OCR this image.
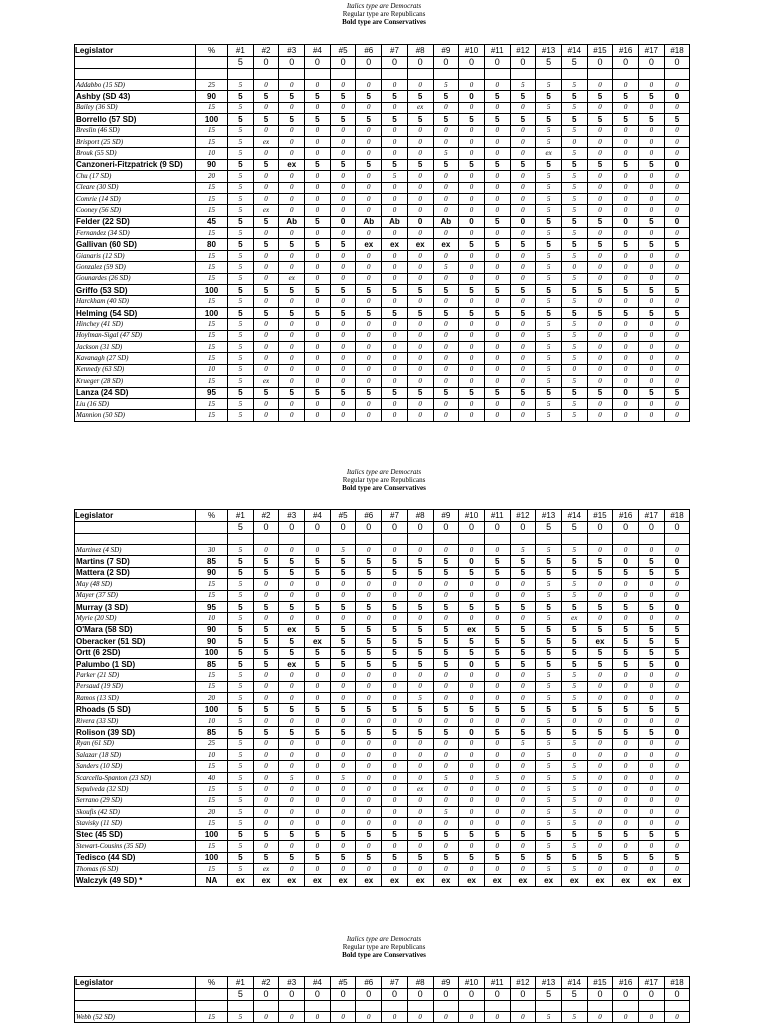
Italics type are Democrats
Regular type are Republicans
Bold type are Conservatives
Legislator	%	#1	#2	#3	#4	#5	#6	#7	#8	#9	#10	#11	#12	#13	#14	#15	#16	#17	#18
		5	0	0	0	0	0	0	0	0	0	0	0	5	5	0	0	0	0

Addabbo (15 SD)	25	5	0	0	0	0	0	0	0	5	0	0	5	5	5	0	0	0	0
Ashby (SD 43)	90	5	5	5	5	5	5	5	5	5	0	5	5	5	5	5	5	5	0
Bailey (36 SD)	15	5	0	0	0	0	0	0	ex	0	0	0	0	5	5	0	0	0	0
Borrello (57 SD)	100	5	5	5	5	5	5	5	5	5	5	5	5	5	5	5	5	5	5
Breslin (46 SD)	15	5	0	0	0	0	0	0	0	0	0	0	0	5	5	0	0	0	0
Brisport (25 SD)	15	5	ex	0	0	0	0	0	0	0	0	0	0	5	0	0	0	0	0
Brouk (55 SD)	10	5	0	0	0	0	0	0	0	5	0	0	0	ex	5	0	0	0	0
Canzoneri-Fitzpatrick (9 SD)	90	5	5	ex	5	5	5	5	5	5	5	5	5	5	5	5	5	5	0
Chu (17 SD)	20	5	0	0	0	0	0	5	0	0	0	0	0	5	5	0	0	0	0
Cleare (30 SD)	15	5	0	0	0	0	0	0	0	0	0	0	0	5	5	0	0	0	0
Comrie (14 SD)	15	5	0	0	0	0	0	0	0	0	0	0	0	5	5	0	0	0	0
Cooney (56 SD)	15	5	ex	0	0	0	0	0	0	0	0	0	0	5	5	0	0	0	0
Felder (22 SD)	45	5	5	Ab	5	0	Ab	Ab	0	Ab	0	5	0	5	5	5	0	5	0
Fernandez (34 SD)	15	5	0	0	0	0	0	0	0	0	0	0	0	5	5	0	0	0	0
Gallivan (60 SD)	80	5	5	5	5	5	ex	ex	ex	ex	5	5	5	5	5	5	5	5	5
Gianaris (12 SD)	15	5	0	0	0	0	0	0	0	0	0	0	0	5	5	0	0	0	0
Gonzalez (59 SD)	15	5	0	0	0	0	0	0	0	5	0	0	0	5	0	0	0	0	0
Gounardes (26 SD)	15	5	0	ex	0	0	0	0	0	0	0	0	0	5	5	0	0	0	0
Griffo (53 SD)	100	5	5	5	5	5	5	5	5	5	5	5	5	5	5	5	5	5	5
Harckham (40 SD)	15	5	0	0	0	0	0	0	0	0	0	0	0	5	5	0	0	0	0
Helming (54 SD)	100	5	5	5	5	5	5	5	5	5	5	5	5	5	5	5	5	5	5
Hinchey (41 SD)	15	5	0	0	0	0	0	0	0	0	0	0	0	5	5	0	0	0	0
Hoylman-Sigal (47 SD)	15	5	0	0	0	0	0	0	0	0	0	0	0	5	5	0	0	0	0
Jackson (31 SD)	15	5	0	0	0	0	0	0	0	0	0	0	0	5	5	0	0	0	0
Kavanagh (27 SD)	15	5	0	0	0	0	0	0	0	0	0	0	0	5	5	0	0	0	0
Kennedy (63 SD)	10	5	0	0	0	0	0	0	0	0	0	0	0	5	0	0	0	0	0
Krueger (28 SD)	15	5	ex	0	0	0	0	0	0	0	0	0	0	5	5	0	0	0	0
Lanza (24 SD)	95	5	5	5	5	5	5	5	5	5	5	5	5	5	5	5	0	5	5
Liu (16 SD)	15	5	0	0	0	0	0	0	0	0	0	0	0	5	5	0	0	0	0
Mannion (50 SD)	15	5	0	0	0	0	0	0	0	0	0	0	0	5	5	0	0	0	0
Italics type are Democrats
Regular type are Republicans
Bold type are Conservatives
Legislator	%	#1	#2	#3	#4	#5	#6	#7	#8	#9	#10	#11	#12	#13	#14	#15	#16	#17	#18
		5	0	0	0	0	0	0	0	0	0	0	0	5	5	0	0	0	0

Martinez (4 SD)	30	5	0	0	0	5	0	0	0	0	0	0	5	5	5	0	0	0	0
Martins (7 SD)	85	5	5	5	5	5	5	5	5	5	0	5	5	5	5	5	0	5	0
Mattera (2 SD)	90	5	5	5	5	5	5	5	5	5	5	5	5	5	5	5	5	5	5
May (48 SD)	15	5	0	0	0	0	0	0	0	0	0	0	0	5	5	0	0	0	0
Mayer (37 SD)	15	5	0	0	0	0	0	0	0	0	0	0	0	5	5	0	0	0	0
Murray (3 SD)	95	5	5	5	5	5	5	5	5	5	5	5	5	5	5	5	5	5	0
Myrie (20 SD)	10	5	0	0	0	0	0	0	0	0	0	0	0	5	ex	0	0	0	0
O'Mara (58 SD)	90	5	5	ex	5	5	5	5	5	5	ex	5	5	5	5	5	5	5	5
Oberacker (51 SD)	90	5	5	5	ex	5	5	5	5	5	5	5	5	5	5	ex	5	5	5
Ortt (6 2SD)	100	5	5	5	5	5	5	5	5	5	5	5	5	5	5	5	5	5	5
Palumbo (1 SD)	85	5	5	ex	5	5	5	5	5	5	0	5	5	5	5	5	5	5	0
Parker (21 SD)	15	5	0	0	0	0	0	0	0	0	0	0	0	5	5	0	0	0	0
Persaud (19 SD)	15	5	0	0	0	0	0	0	0	0	0	0	0	5	5	0	0	0	0
Ramos (13 SD)	20	5	0	0	0	0	0	0	5	0	0	0	0	5	5	0	0	0	0
Rhoads (5 SD)	100	5	5	5	5	5	5	5	5	5	5	5	5	5	5	5	5	5	5
Rivera (33 SD)	10	5	0	0	0	0	0	0	0	0	0	0	0	5	0	0	0	0	0
Rolison (39 SD)	85	5	5	5	5	5	5	5	5	5	0	5	5	5	5	5	5	5	0
Ryan (61 SD)	25	5	0	0	0	0	0	0	0	0	0	0	5	5	5	0	0	0	0
Salazar (18 SD)	10	5	0	0	0	0	0	0	0	0	0	0	0	5	0	0	0	0	0
Sanders (10 SD)	15	5	0	0	0	0	0	0	0	0	0	0	0	5	5	0	0	0	0
Scarcella-Spanton (23 SD)	40	5	0	5	0	5	0	0	0	5	0	5	0	5	5	0	0	0	0
Sepulveda (32 SD)	15	5	0	0	0	0	0	0	ex	0	0	0	0	5	5	0	0	0	0
Serrano (29 SD)	15	5	0	0	0	0	0	0	0	0	0	0	0	5	5	0	0	0	0
Skoufis (42 SD)	20	5	0	0	0	0	0	0	0	5	0	0	0	5	5	0	0	0	0
Stavisky (11 SD)	15	5	0	0	0	0	0	0	0	0	0	0	0	5	5	0	0	0	0
Stec (45 SD)	100	5	5	5	5	5	5	5	5	5	5	5	5	5	5	5	5	5	5
Stewart-Cousins (35 SD)	15	5	0	0	0	0	0	0	0	0	0	0	0	5	5	0	0	0	0
Tedisco (44 SD)	100	5	5	5	5	5	5	5	5	5	5	5	5	5	5	5	5	5	5
Thomas (6 SD)	15	5	ex	0	0	0	0	0	0	0	0	0	0	5	5	0	0	0	0
Walczyk (49 SD) *	NA	ex	ex	ex	ex	ex	ex	ex	ex	ex	ex	ex	ex	ex	ex	ex	ex	ex	ex
Italics type are Democrats
Regular type are Republicans
Bold type are Conservatives
Legislator	%	#1	#2	#3	#4	#5	#6	#7	#8	#9	#10	#11	#12	#13	#14	#15	#16	#17	#18
		5	0	0	0	0	0	0	0	0	0	0	0	5	5	0	0	0	0

Webb (52 SD)	15	5	0	0	0	0	0	0	0	0	0	0	0	5	5	0	0	0	0
